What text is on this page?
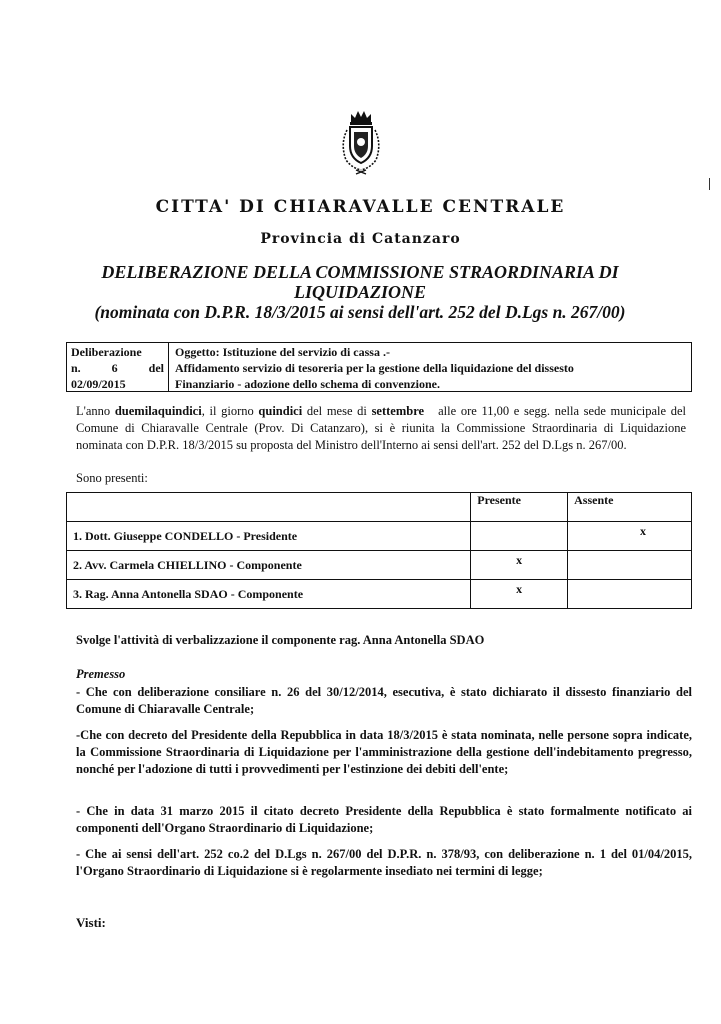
CITTA' DI CHIARAVALLE CENTRALE
Provincia di Catanzaro
DELIBERAZIONE DELLA COMMISSIONE STRAORDINARIA DI LIQUIDAZIONE
(nominata con D.P.R. 18/3/2015 ai sensi dell'art. 252 del D.Lgs n. 267/00)
Deliberazione
n.	6	del
02/09/2015
Oggetto: Istituzione del servizio di cassa .-
Affidamento servizio di tesoreria per la gestione della liquidazione del dissesto
Finanziario - adozione dello schema di convenzione.
L'anno duemilaquindici, il giorno quindici del mese di settembre alle ore 11,00 e segg. nella sede municipale del Comune di Chiaravalle Centrale (Prov. Di Catanzaro), si è riunita la Commissione Straordinaria di Liquidazione nominata con D.P.R. 18/3/2015 su proposta del Ministro dell'Interno ai sensi dell'art. 252 del D.Lgs n. 267/00.
Sono presenti:
	Presente	Assente
1. Dott. Giuseppe CONDELLO - Presidente		x
2. Avv. Carmela CHIELLINO - Componente	x	
3. Rag. Anna Antonella SDAO - Componente	x	
Svolge l'attività di verbalizzazione il componente rag. Anna Antonella SDAO
Premesso
- Che con deliberazione consiliare n. 26 del 30/12/2014, esecutiva, è stato dichiarato il dissesto finanziario del Comune di Chiaravalle Centrale;
-Che con decreto del Presidente della Repubblica in data 18/3/2015 è stata nominata, nelle persone sopra indicate, la Commissione Straordinaria di Liquidazione per l'amministrazione della gestione dell'indebitamento pregresso, nonché per l'adozione di tutti i provvedimenti per l'estinzione dei debiti dell'ente;
- Che in data 31 marzo 2015 il citato decreto Presidente della Repubblica è stato formalmente notificato ai componenti dell'Organo Straordinario di Liquidazione;
- Che ai sensi dell'art. 252 co.2 del D.Lgs n. 267/00 del D.P.R. n. 378/93, con deliberazione n. 1 del 01/04/2015, l'Organo Straordinario di Liquidazione si è regolarmente insediato nei termini di legge;
Visti:
